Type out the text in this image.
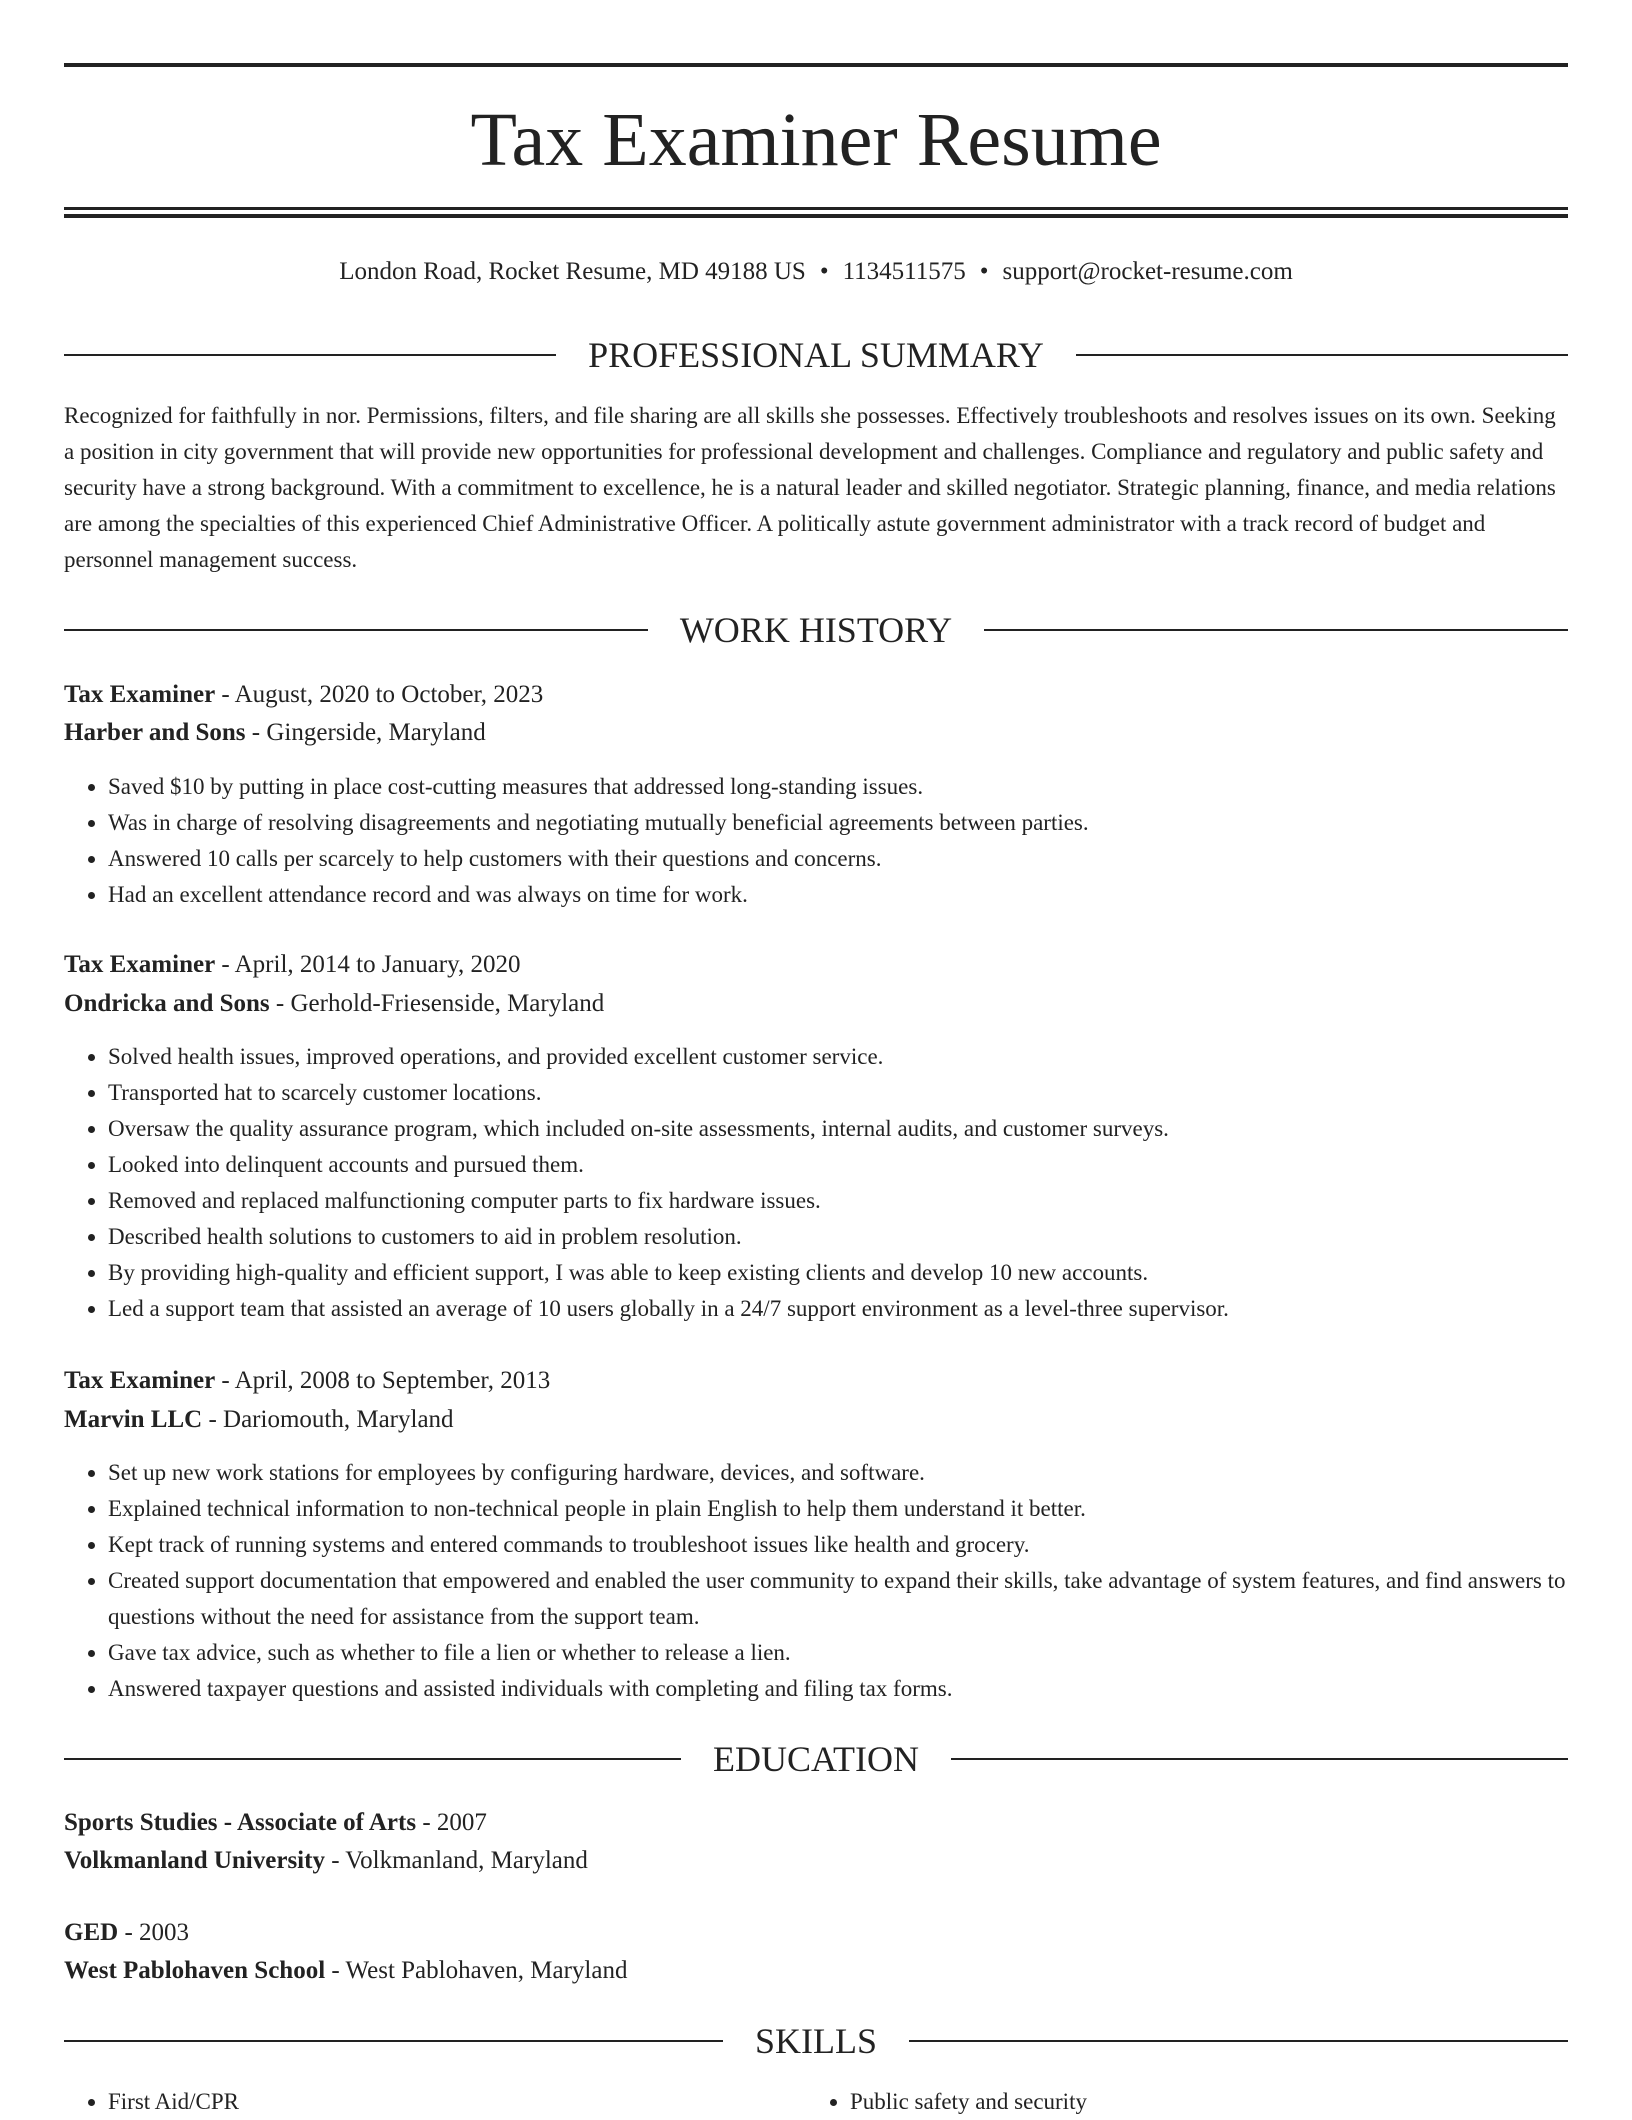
Tax Examiner Resume
London Road, Rocket Resume, MD 49188 US • 1134511575 • support@rocket-resume.com
PROFESSIONAL SUMMARY

Recognized for faithfully in nor. Permissions, filters, and file sharing are all skills she possesses. Effectively troubleshoots and resolves issues on its own. Seeking a position in city government that will provide new opportunities for professional development and challenges. Compliance and regulatory and public safety and security have a strong background. With a commitment to excellence, he is a natural leader and skilled negotiator. Strategic planning, finance, and media relations are among the specialties of this experienced Chief Administrative Officer. A politically astute government administrator with a track record of budget and personnel management success.

WORK HISTORY

Tax Examiner - August, 2020 to October, 2023

Harber and Sons - Gingerside, Maryland

• Saved $10 by putting in place cost-cutting measures that addressed long-standing issues.
• Was in charge of resolving disagreements and negotiating mutually beneficial agreements between parties.
• Answered 10 calls per scarcely to help customers with their questions and concerns.
• Had an excellent attendance record and was always on time for work.

Tax Examiner - April, 2014 to January, 2020

Ondricka and Sons - Gerhold-Friesenside, Maryland

• Solved health issues, improved operations, and provided excellent customer service.
• Transported hat to scarcely customer locations.
• Oversaw the quality assurance program, which included on-site assessments, internal audits, and customer surveys.
• Looked into delinquent accounts and pursued them.
• Removed and replaced malfunctioning computer parts to fix hardware issues.
• Described health solutions to customers to aid in problem resolution.
• By providing high-quality and efficient support, I was able to keep existing clients and develop 10 new accounts.
• Led a support team that assisted an average of 10 users globally in a 24/7 support environment as a level-three supervisor.

Tax Examiner - April, 2008 to September, 2013

Marvin LLC - Dariomouth, Maryland

• Set up new work stations for employees by configuring hardware, devices, and software.
• Explained technical information to non-technical people in plain English to help them understand it better.
• Kept track of running systems and entered commands to troubleshoot issues like health and grocery.
• Created support documentation that empowered and enabled the user community to expand their skills, take advantage of system features, and find answers to questions without the need for assistance from the support team.
• Gave tax advice, such as whether to file a lien or whether to release a lien.
• Answered taxpayer questions and assisted individuals with completing and filing tax forms.
EDUCATION

Sports Studies - Associate of Arts - 2007

Volkmanland University - Volkmanland, Maryland

GED - 2003

West Pablohaven School - West Pablohaven, Maryland

SKILLS
• First Aid/CPR
•	Public safety and security
